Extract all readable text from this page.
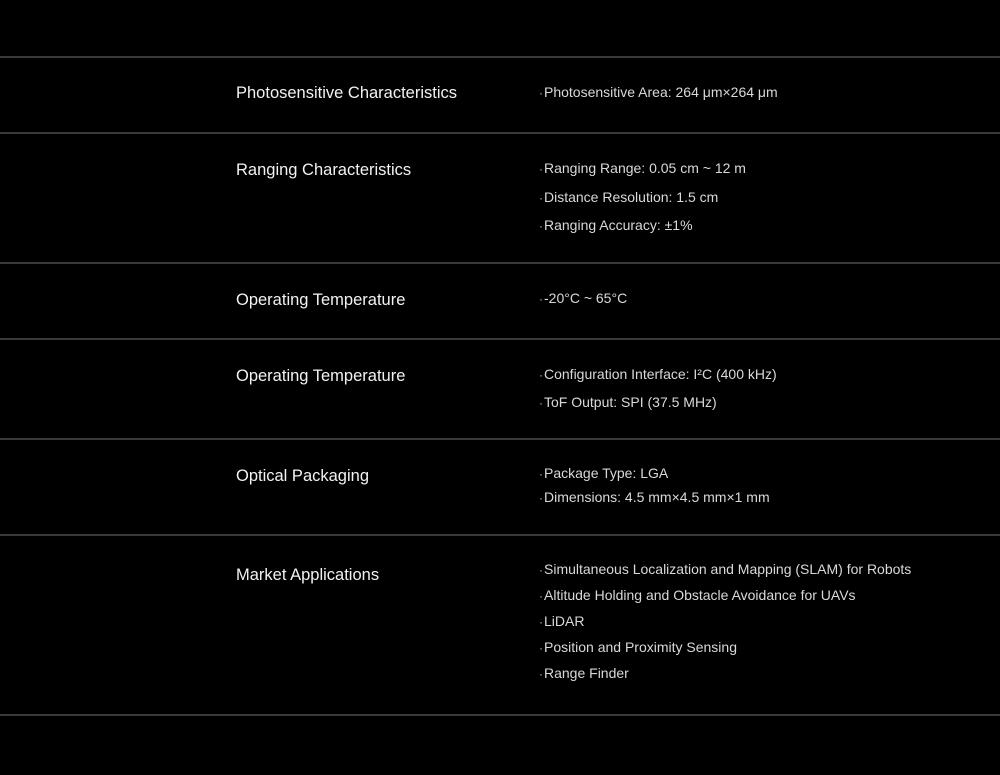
Photosensitive Characteristics	· Photosensitive Area: 264 μm×264 μm
Ranging Characteristics	· Ranging Range: 0.05 cm ~ 12 m
· Distance Resolution: 1.5 cm
· Ranging Accuracy: ±1%
Operating Temperature	· -20°C ~ 65°C
Operating Temperature	· Configuration Interface: I²C (400 kHz)
· ToF Output: SPI (37.5 MHz)
Optical Packaging	· Package Type: LGA
· Dimensions: 4.5 mm×4.5 mm×1 mm
Market Applications	· Simultaneous Localization and Mapping (SLAM) for Robots
· Altitude Holding and Obstacle Avoidance for UAVs
· LiDAR
· Position and Proximity Sensing
· Range Finder
